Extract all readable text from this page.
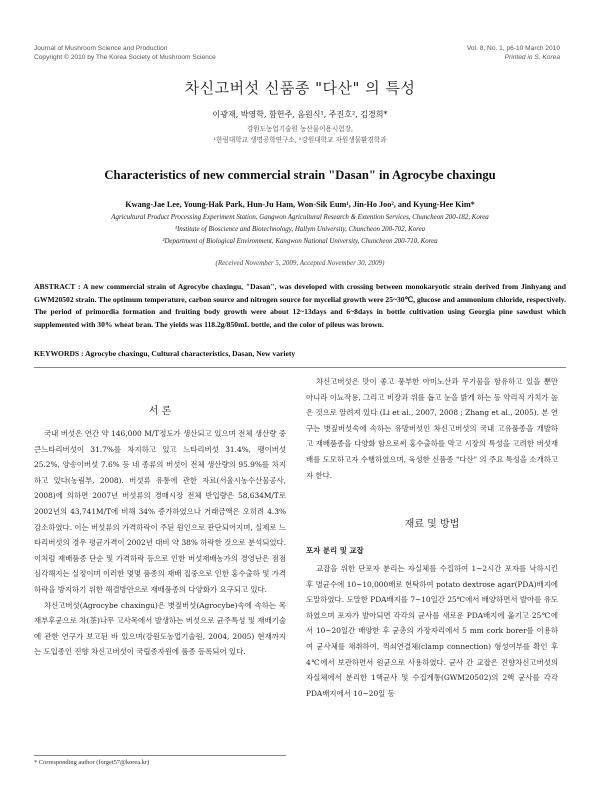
Journal of Mushroom Science and Production
Copyright © 2010 by The Korea Society of Mushroom Science
Vol. 8, No. 1, p6-10 March 2010
Printed in S. Korea
차신고버섯 신품종 "다산" 의 특성
이광재, 박영학, 함헌주, 음원식¹, 주진호², 김경희*
강원도농업기술원 농산물이용시험장,
¹한림대학교 생명공학연구소, ²강원대학교 자원생물환경학과
Characteristics of new commercial strain "Dasan" in Agrocybe chaxingu
Kwang-Jae Lee, Young-Hak Park, Hun-Ju Ham, Won-Sik Eum¹, Jin-Ho Joo², and Kyung-Hee Kim*
Agricultural Product Processing Experiment Station, Gangwon Agricultural Research & Extention Services, Chuncheon 200-182, Korea
¹Institute of Bioscience and Biotechnology, Hallym University, Chuncheon 200-702, Korea
²Department of Biological Environment, Kangwon National University, Chuncheon 200-710, Korea
(Received November 5, 2009, Accepted November 30, 2009)
ABSTRACT : A new commercial strain of Agrocybe chaxingu, "Dasan", was developed with crossing between monokaryotic strain derived from Jinhyang and GWM20502 strain. The optimum temperature, carbon source and nitrogen source for mycelial growth were 25~30℃, glucose and ammonium chloride, respectively. The period of primordia formation and fruiting body growth were about 12~13days and 6~8days in bottle cultivation using Georgia pine sawdust which supplemented with 30% wheat bran. The yields was 118.2g/850mL bottle, and the color of pileus was brown.
KEYWORDS : Agrocybe chaxingu, Cultural characteristics, Dasan, New variety
서 론

국내 버섯은 연간 약 146,000 M/T정도가 생산되고 있으며 전체 생산량 중 큰느타리버섯이 31.7%를 차지하고 있고 느타리버섯 31.4%, 팽이버섯 25.2%, 양송이버섯 7.6% 등 네 종류의 버섯이 전체 생산량의 95.9%를 차지하고 있다(농림부, 2008). 버섯류 유통에 관한 자료(서울시농수산물공사, 2008)에 의하면 2007년 버섯류의 경매시장 전체 반입량은 58,634M/T로 2002년의 43,741M/T에 비해 34% 증가하였으나 거래금액은 오히려 4.3% 감소하였다. 이는 버섯류의 가격하락이 주된 원인으로 판단되어지며, 실제로 느타리버섯의 경우 평균가격이 2002년 대비 약 38% 하락한 것으로 분석되었다. 이처럼 재배품종 단순 및 가격하락 등으로 인한 버섯재배농가의 경영난은 점점 심각해지는 실정이며 이러한 몇몇 품종의 재배 집중으로 인한 홍수출하 및 가격하락을 방지하기 위한 해결방안으로 재배품종의 다양화가 요구되고 있다.

차신고버섯(Agrocybe chaxingu)은 볏짚버섯(Agrocybe)속에 속하는 목재부후균으로 차(茶)나무 고사목에서 발생하는 버섯으로 균주특성 및 재배기술에 관한 연구가 보고된 바 있으며(강원도농업기술원, 2004, 2005) 현재까지는 도입종인 진향 차신고버섯이 국립종자원에 품종 등록되어 있다.

차신고버섯은 맛이 좋고 풍부한 아미노산과 무기물을 함유하고 있을 뿐만 아니라 이뇨작용, 그리고 비장과 위를 돕고 눈을 밝게 하는 등 약리적 가치가 높은 것으로 알려져 있다 (Li et al., 2007, 2008 ; Zhang et al., 2005). 본 연구는 볏짚버섯속에 속하는 유망버섯인 차신고버섯의 국내 고유품종을 개발하고 재배품종을 다양화 함으로써 홍수출하를 막고 시장의 특성을 고려한 버섯재배를 도모하고자 수행하였으며, 육성한 신품종 "다산" 의 주요 특성을 소개하고자 한다.

재료 및 방법
포자 분리 및 교잡

교잡을 위한 단포자 분리는 자실체를 수집하여 1~2시간 포자를 낙하시킨 후 멸균수에 10~10,000배로 현탁하여 potato dextrose agar(PDA)배지에 도말하였다. 도말한 PDA배지를 7~10일간 25℃에서 배양하면서 발아를 유도하였으며 포자가 발아되면 각각의 균사를 새로운 PDA배지에 옮기고 25℃에서 10~20일간 배양한 후 균총의 가장자리에서 5 mm cork borer를 이용하여 균사체를 채취하여, 꺽쇠연결체(clamp connection) 형성여부를 확인 후 4℃에서 보관하면서 원균으로 사용하였다. 균사 간 교잡은 진향차신고버섯의 자실체에서 분리한 1핵균사 및 수집계통(GWM20502)의 2핵 균사를 각각 PDA배지에서 10~20일 동

* Corresponding author (forget57@korea.kr)
